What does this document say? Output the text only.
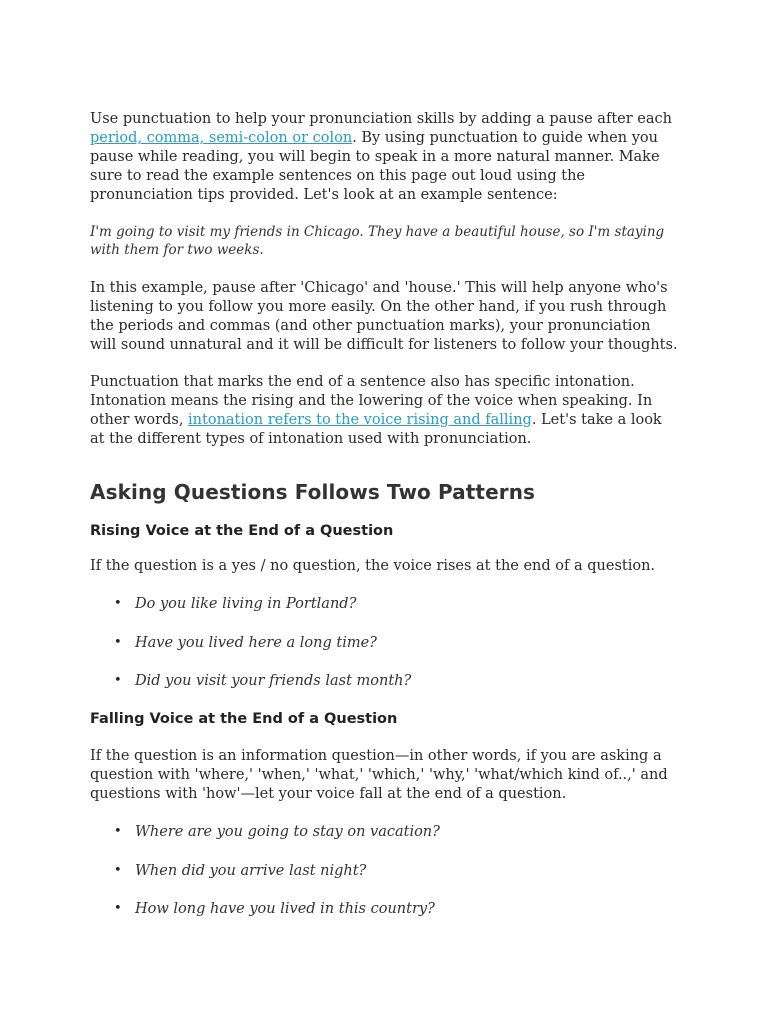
Use punctuation to help your pronunciation skills by adding a pause after each period, comma, semi-colon or colon. By using punctuation to guide when you pause while reading, you will begin to speak in a more natural manner. Make sure to read the example sentences on this page out loud using the pronunciation tips provided. Let's look at an example sentence:

I'm going to visit my friends in Chicago. They have a beautiful house, so I'm staying with them for two weeks.

In this example, pause after 'Chicago' and 'house.' This will help anyone who's listening to you follow you more easily. On the other hand, if you rush through the periods and commas (and other punctuation marks), your pronunciation will sound unnatural and it will be difficult for listeners to follow your thoughts.

Punctuation that marks the end of a sentence also has specific intonation. Intonation means the rising and the lowering of the voice when speaking. In other words, intonation refers to the voice rising and falling. Let's take a look at the different types of intonation used with pronunciation.

Asking Questions Follows Two Patterns
Rising Voice at the End of a Question

If the question is a yes / no question, the voice rises at the end of a question.

• Do you like living in Portland?
• Have you lived here a long time?
• Did you visit your friends last month?
Falling Voice at the End of a Question

If the question is an information question—in other words, if you are asking a question with 'where,' 'when,' 'what,' 'which,' 'why,' 'what/which kind of..,' and questions with 'how'—let your voice fall at the end of a question.

• Where are you going to stay on vacation?
• When did you arrive last night?
• How long have you lived in this country?
